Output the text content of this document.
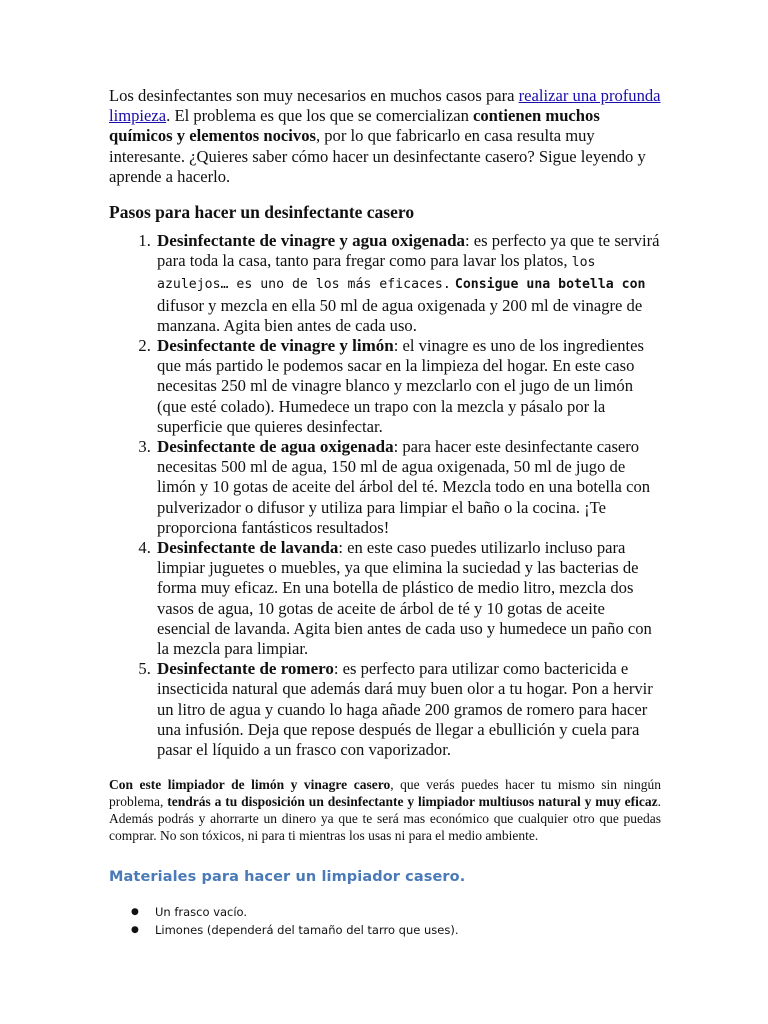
Los desinfectantes son muy necesarios en muchos casos para realizar una profunda limpieza. El problema es que los que se comercializan contienen muchos químicos y elementos nocivos, por lo que fabricarlo en casa resulta muy interesante. ¿Quieres saber cómo hacer un desinfectante casero? Sigue leyendo y aprende a hacerlo.

Pasos para hacer un desinfectante casero
1. Desinfectante de vinagre y agua oxigenada: es perfecto ya que te servirá para toda la casa, tanto para fregar como para lavar los platos, los azulejos… es uno de los más eficaces. Consigue una botella con difusor y mezcla en ella 50 ml de agua oxigenada y 200 ml de vinagre de manzana. Agita bien antes de cada uso.
2. Desinfectante de vinagre y limón: el vinagre es uno de los ingredientes que más partido le podemos sacar en la limpieza del hogar. En este caso necesitas 250 ml de vinagre blanco y mezclarlo con el jugo de un limón (que esté colado). Humedece un trapo con la mezcla y pásalo por la superficie que quieres desinfectar.
3. Desinfectante de agua oxigenada: para hacer este desinfectante casero necesitas 500 ml de agua, 150 ml de agua oxigenada, 50 ml de jugo de limón y 10 gotas de aceite del árbol del té. Mezcla todo en una botella con pulverizador o difusor y utiliza para limpiar el baño o la cocina. ¡Te proporciona fantásticos resultados!
4. Desinfectante de lavanda: en este caso puedes utilizarlo incluso para limpiar juguetes o muebles, ya que elimina la suciedad y las bacterias de forma muy eficaz. En una botella de plástico de medio litro, mezcla dos vasos de agua, 10 gotas de aceite de árbol de té y 10 gotas de aceite esencial de lavanda. Agita bien antes de cada uso y humedece un paño con la mezcla para limpiar.
5. Desinfectante de romero: es perfecto para utilizar como bactericida e insecticida natural que además dará muy buen olor a tu hogar. Pon a hervir un litro de agua y cuando lo haga añade 200 gramos de romero para hacer una infusión. Deja que repose después de llegar a ebullición y cuela para pasar el líquido a un frasco con vaporizador.

Con este limpiador de limón y vinagre casero, que verás puedes hacer tu mismo sin ningún problema, tendrás a tu disposición un desinfectante y limpiador multiusos natural y muy eficaz. Además podrás y ahorrarte un dinero ya que te será mas económico que cualquier otro que puedas comprar. No son tóxicos, ni para ti mientras los usas ni para el medio ambiente.

Materiales para hacer un limpiador casero.
● Un frasco vacío.
● Limones (dependerá del tamaño del tarro que uses).
